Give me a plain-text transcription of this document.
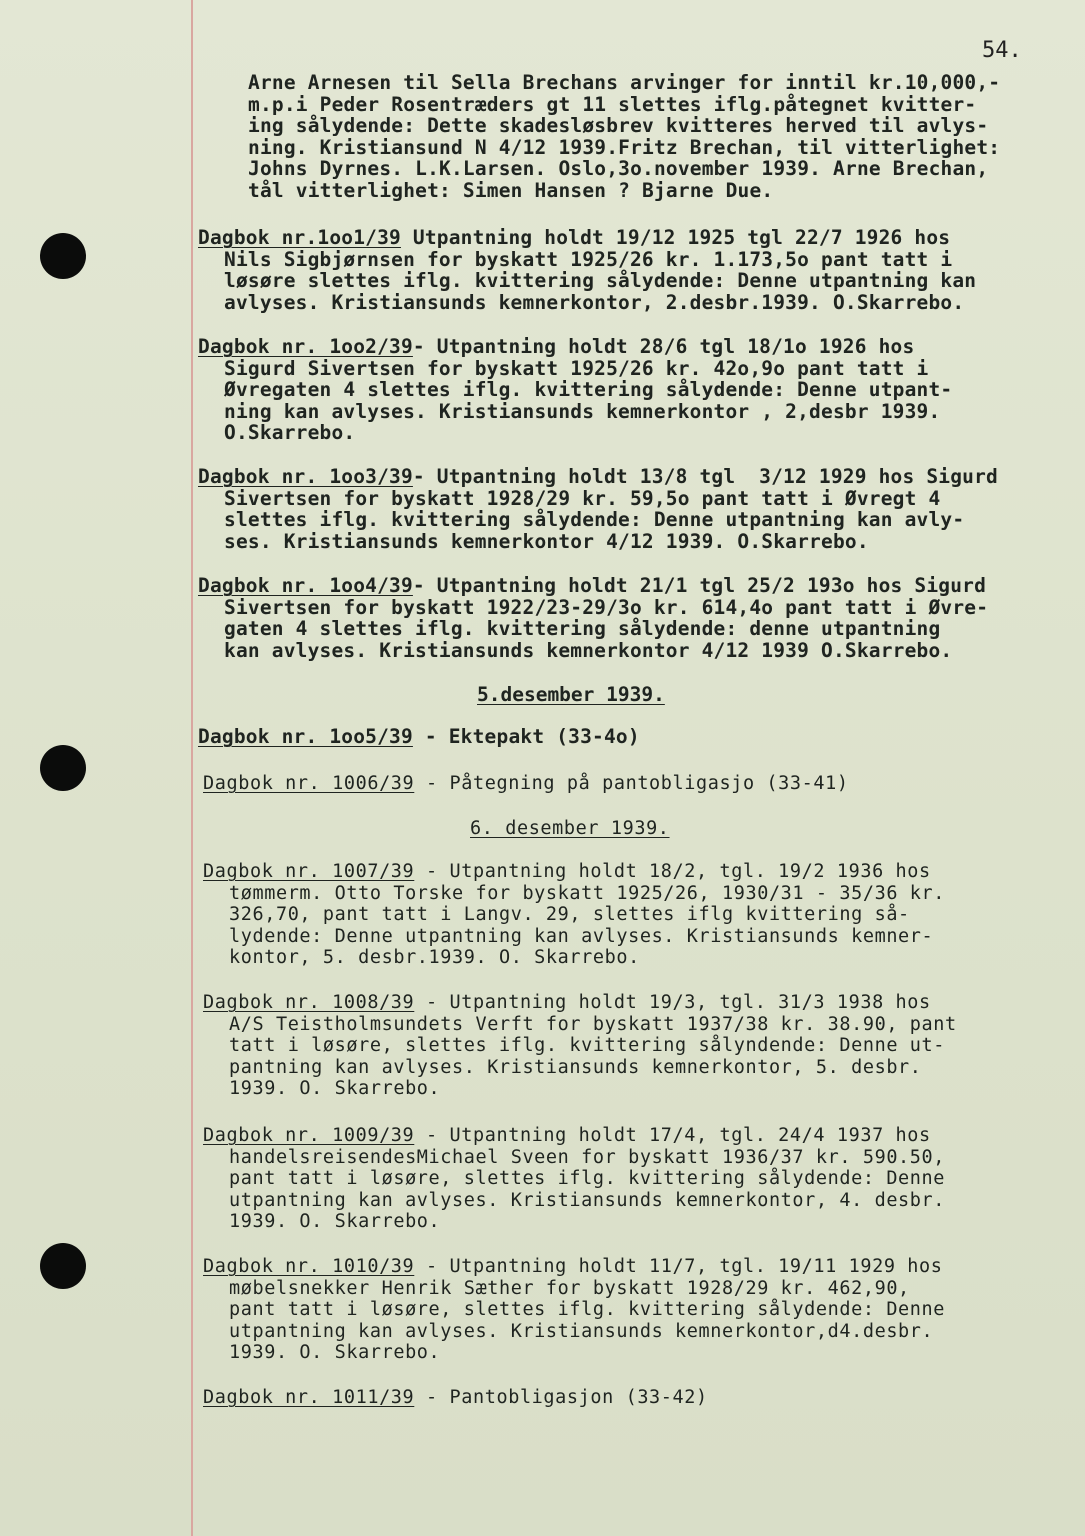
54.
Arne Arnesen til Sella Brechans arvinger for inntil kr.10,000,-
m.p.i Peder Rosentræders gt 11 slettes iflg.påtegnet kvitter-
ing sålydende: Dette skadesløsbrev kvitteres herved til avlys-
ning. Kristiansund N 4/12 1939.Fritz Brechan, til vitterlighet:
Johns Dyrnes. L.K.Larsen. Oslo,3o.november 1939. Arne Brechan,
tål vitterlighet: Simen Hansen ? Bjarne Due.
Dagbok nr.1oo1/39 Utpantning holdt 19/12 1925 tgl 22/7 1926 hos
Nils Sigbjørnsen for byskatt 1925/26 kr. 1.173,5o pant tatt i
løsøre slettes iflg. kvittering sålydende: Denne utpantning kan
avlyses. Kristiansunds kemnerkontor, 2.desbr.1939. O.Skarrebo.
Dagbok nr. 1oo2/39- Utpantning holdt 28/6 tgl 18/1o 1926 hos
Sigurd Sivertsen for byskatt 1925/26 kr. 42o,9o pant tatt i
Øvregaten 4 slettes iflg. kvittering sålydende: Denne utpant-
ning kan avlyses. Kristiansunds kemnerkontor , 2,desbr 1939.
O.Skarrebo.
Dagbok nr. 1oo3/39- Utpantning holdt 13/8 tgl  3/12 1929 hos Sigurd
Sivertsen for byskatt 1928/29 kr. 59,5o pant tatt i Øvregt 4
slettes iflg. kvittering sålydende: Denne utpantning kan avly-
ses. Kristiansunds kemnerkontor 4/12 1939. O.Skarrebo.
Dagbok nr. 1oo4/39- Utpantning holdt 21/1 tgl 25/2 193o hos Sigurd
Sivertsen for byskatt 1922/23-29/3o kr. 614,4o pant tatt i Øvre-
gaten 4 slettes iflg. kvittering sålydende: denne utpantning
kan avlyses. Kristiansunds kemnerkontor 4/12 1939 O.Skarrebo.
5.desember 1939.
Dagbok nr. 1oo5/39 - Ektepakt (33-4o)
Dagbok nr. 1006/39 - Påtegning på pantobligasjo (33-41)
6. desember 1939.
Dagbok nr. 1007/39 - Utpantning holdt 18/2, tgl. 19/2 1936 hos
tømmerm. Otto Torske for byskatt 1925/26, 1930/31 - 35/36 kr.
326,70, pant tatt i Langv. 29, slettes iflg kvittering så-
lydende: Denne utpantning kan avlyses. Kristiansunds kemner-
kontor, 5. desbr.1939. O. Skarrebo.
Dagbok nr. 1008/39 - Utpantning holdt 19/3, tgl. 31/3 1938 hos
A/S Teistholmsundets Verft for byskatt 1937/38 kr. 38.90, pant
tatt i løsøre, slettes iflg. kvittering sålyndende: Denne ut-
pantning kan avlyses. Kristiansunds kemnerkontor, 5. desbr.
1939. O. Skarrebo.
Dagbok nr. 1009/39 - Utpantning holdt 17/4, tgl. 24/4 1937 hos
handelsreisendesMichael Sveen for byskatt 1936/37 kr. 590.50,
pant tatt i løsøre, slettes iflg. kvittering sålydende: Denne
utpantning kan avlyses. Kristiansunds kemnerkontor, 4. desbr.
1939. O. Skarrebo.
Dagbok nr. 1010/39 - Utpantning holdt 11/7, tgl. 19/11 1929 hos
møbelsnekker Henrik Sæther for byskatt 1928/29 kr. 462,90,
pant tatt i løsøre, slettes iflg. kvittering sålydende: Denne
utpantning kan avlyses. Kristiansunds kemnerkontor,d4.desbr.
1939. O. Skarrebo.
Dagbok nr. 1011/39 - Pantobligasjon (33-42)
